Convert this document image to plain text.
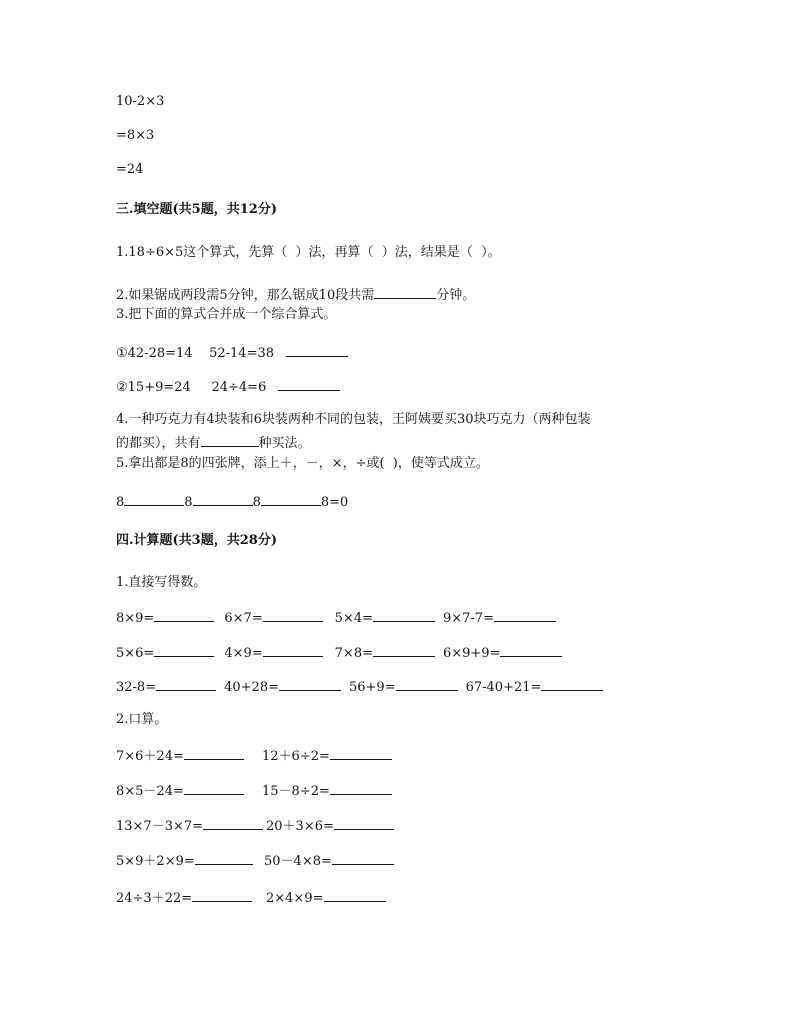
10-2×3
=8×3
=24
三.填空题(共5题，共12分)
1.18÷6×5这个算式，先算（  ）法，再算（  ）法，结果是（  ）。
2.如果锯成两段需5分钟，那么锯成10段共需	分钟。
3.把下面的算式合并成一个综合算式。
①42-28=14    52-14=38
②15+9=24     24÷4=6
4.一种巧克力有4块装和6块装两种不同的包装，王阿姨要买30块巧克力（两种包装
的都买），共有	种买法。
5.拿出都是8的四张牌，添上＋，－，×，÷或(  )，使等式成立。
8	8	8	8=0
四.计算题(共3题，共28分)
1.直接写得数。
8×9=	6×7=	5×4=	9×7-7=
5×6=	4×9=	7×8=	6×9+9=
32-8=	40+28=	56+9=	67-40+21=
2.口算。
7×6＋24=	12＋6÷2=
8×5－24=	15－8÷2=
13×7－3×7=	20＋3×6=
5×9＋2×9=	50－4×8=
24÷3＋22=	2×4×9=
